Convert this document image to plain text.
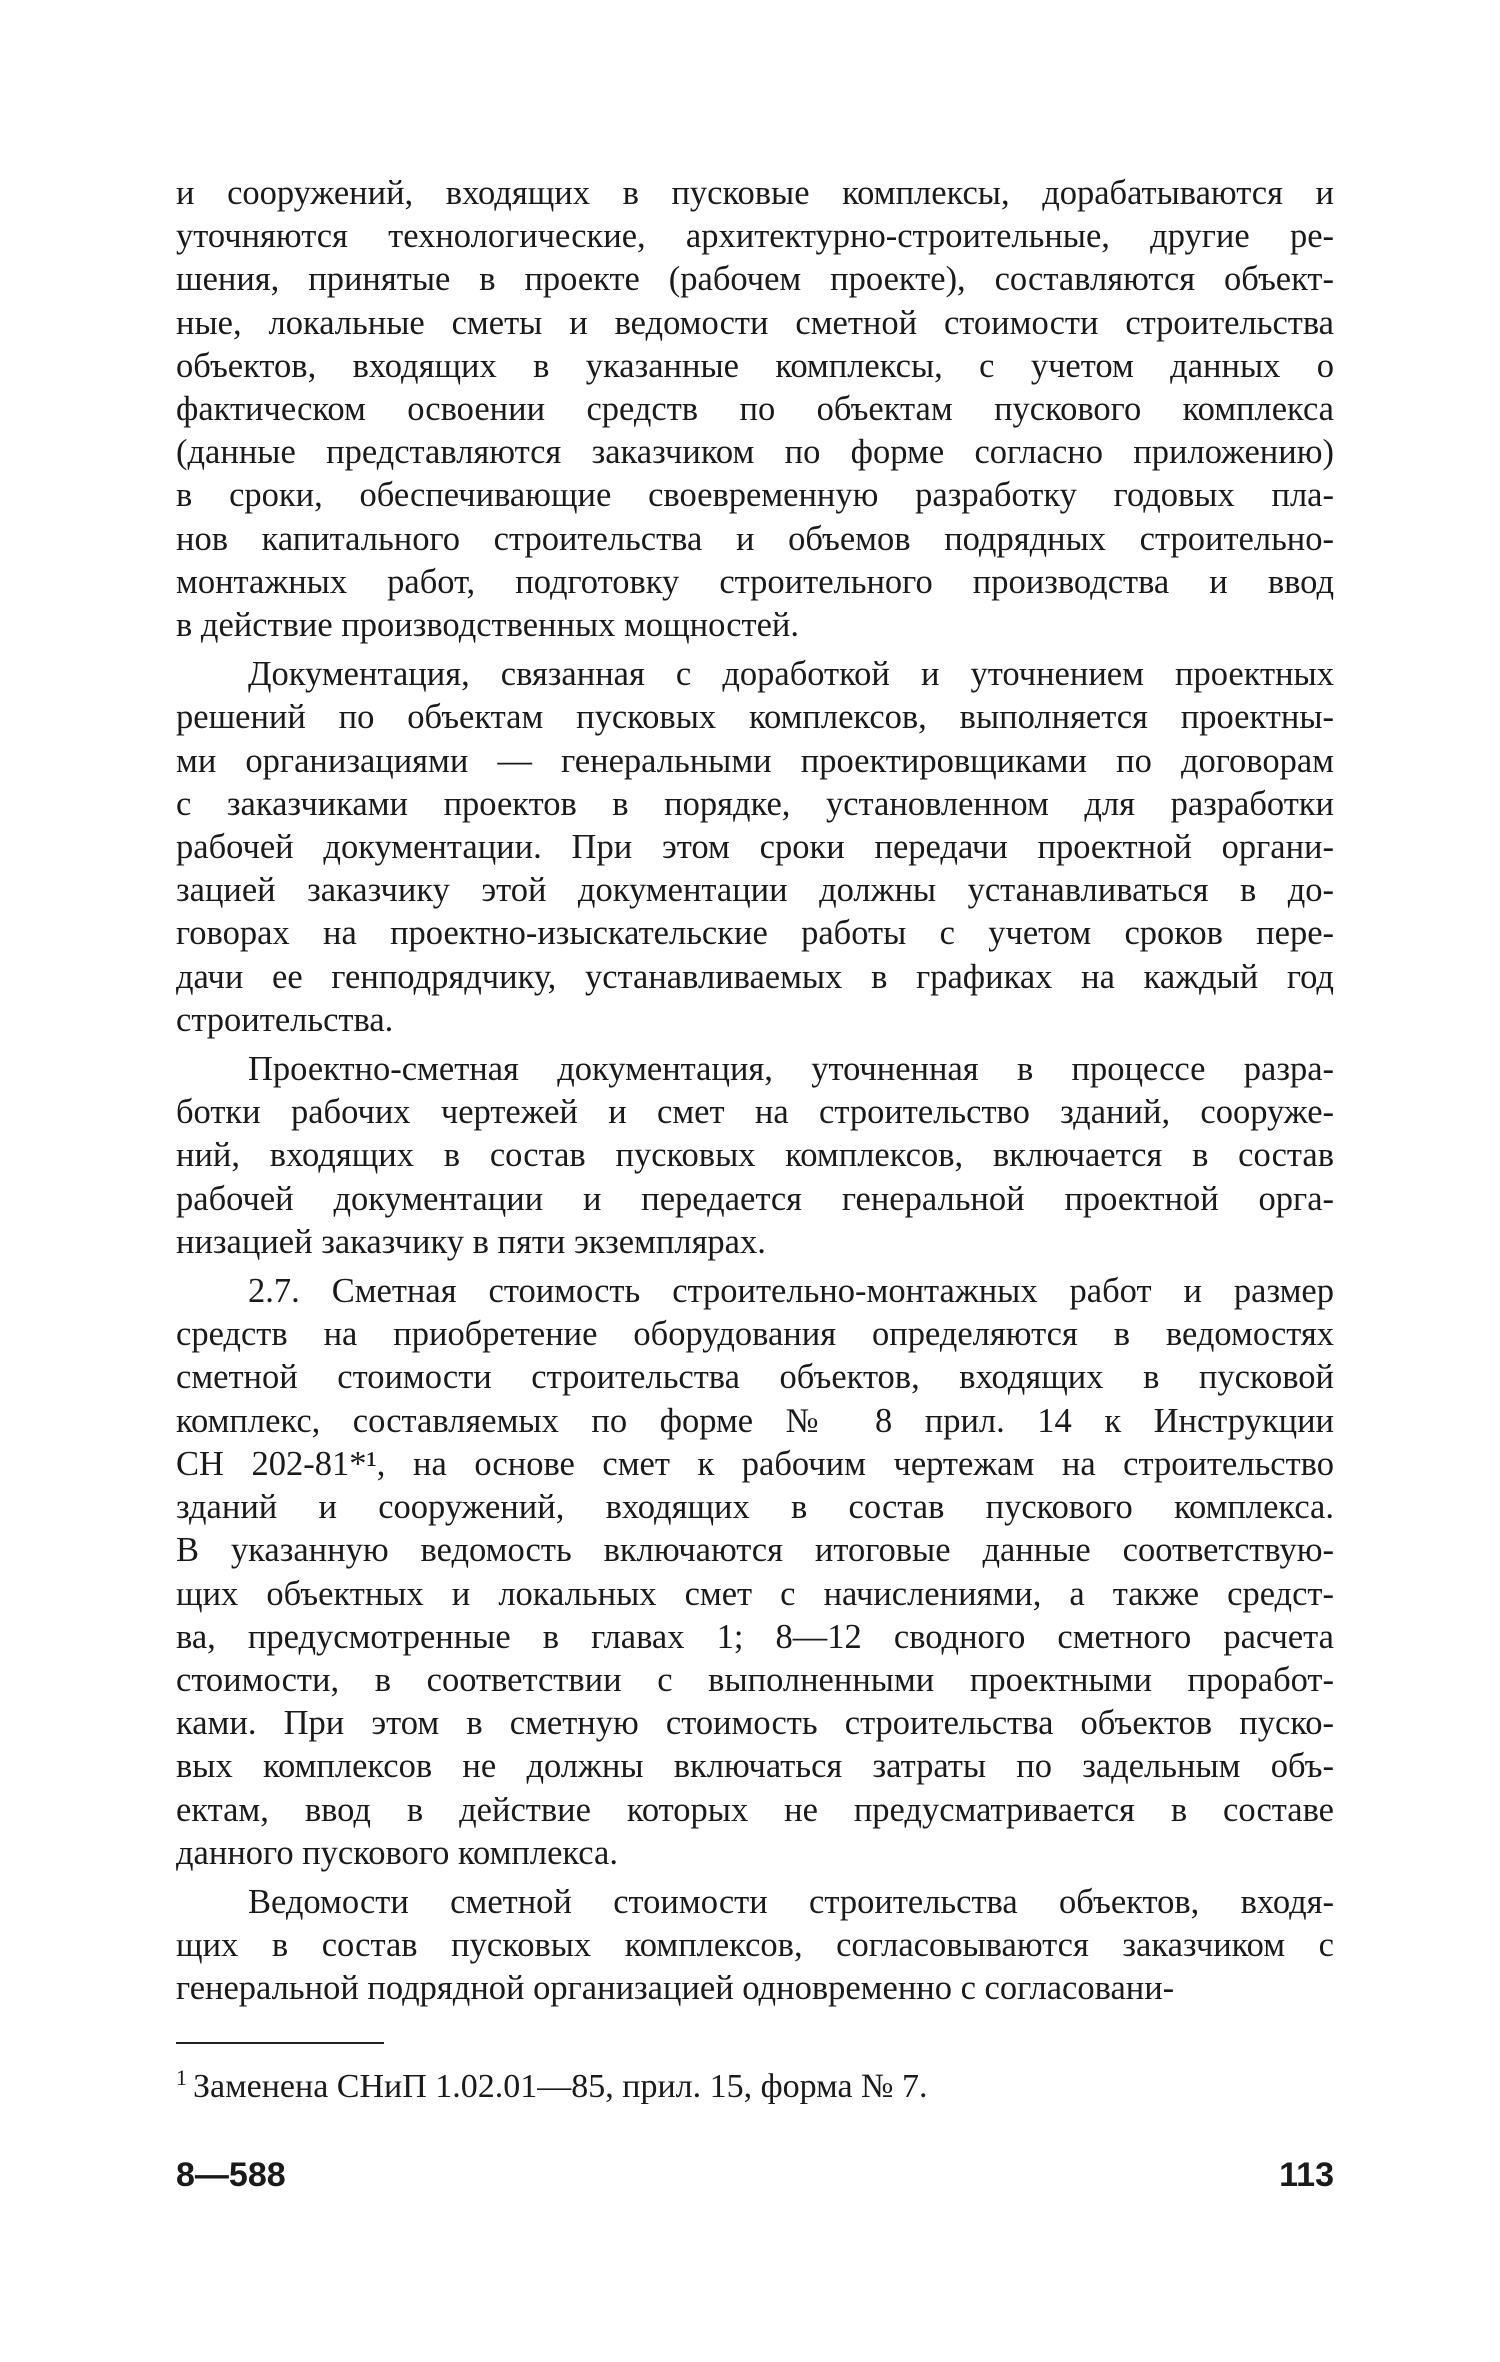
и сооружений, входящих в пусковые комплексы, дорабатываются и
уточняются технологические, архитектурно-строительные, другие ре-
шения, принятые в проекте (рабочем проекте), составляются объект-
ные, локальные сметы и ведомости сметной стоимости строительства
объектов, входящих в указанные комплексы, с учетом данных о
фактическом освоении средств по объектам пускового комплекса
(данные представляются заказчиком по форме согласно приложению)
в сроки, обеспечивающие своевременную разработку годовых пла-
нов капитального строительства и объемов подрядных строительно-
монтажных работ, подготовку строительного производства и ввод
в действие производственных мощностей.
Документация, связанная с доработкой и уточнением проектных
решений по объектам пусковых комплексов, выполняется проектны-
ми организациями — генеральными проектировщиками по договорам
с заказчиками проектов в порядке, установленном для разработки
рабочей документации. При этом сроки передачи проектной органи-
зацией заказчику этой документации должны устанавливаться в до-
говорах на проектно-изыскательские работы с учетом сроков пере-
дачи ее генподрядчику, устанавливаемых в графиках на каждый год
строительства.
Проектно-сметная документация, уточненная в процессе разра-
ботки рабочих чертежей и смет на строительство зданий, сооруже-
ний, входящих в состав пусковых комплексов, включается в состав
рабочей документации и передается генеральной проектной орга-
низацией заказчику в пяти экземплярах.
2.7. Сметная стоимость строительно-монтажных работ и размер
средств на приобретение оборудования определяются в ведомостях
сметной стоимости строительства объектов, входящих в пусковой
комплекс, составляемых по форме № 8 прил. 14 к Инструкции
СН 202-81*¹, на основе смет к рабочим чертежам на строительство
зданий и сооружений, входящих в состав пускового комплекса.
В указанную ведомость включаются итоговые данные соответствую-
щих объектных и локальных смет с начислениями, а также средст-
ва, предусмотренные в главах 1; 8—12 сводного сметного расчета
стоимости, в соответствии с выполненными проектными проработ-
ками. При этом в сметную стоимость строительства объектов пуско-
вых комплексов не должны включаться затраты по задельным объ-
ектам, ввод в действие которых не предусматривается в составе
данного пускового комплекса.
Ведомости сметной стоимости строительства объектов, входя-
щих в состав пусковых комплексов, согласовываются заказчиком с
генеральной подрядной организацией одновременно с согласовани-
$^1$ Заменена СНиП 1.02.01—85, прил. 15, форма № 7.
8—588	113
